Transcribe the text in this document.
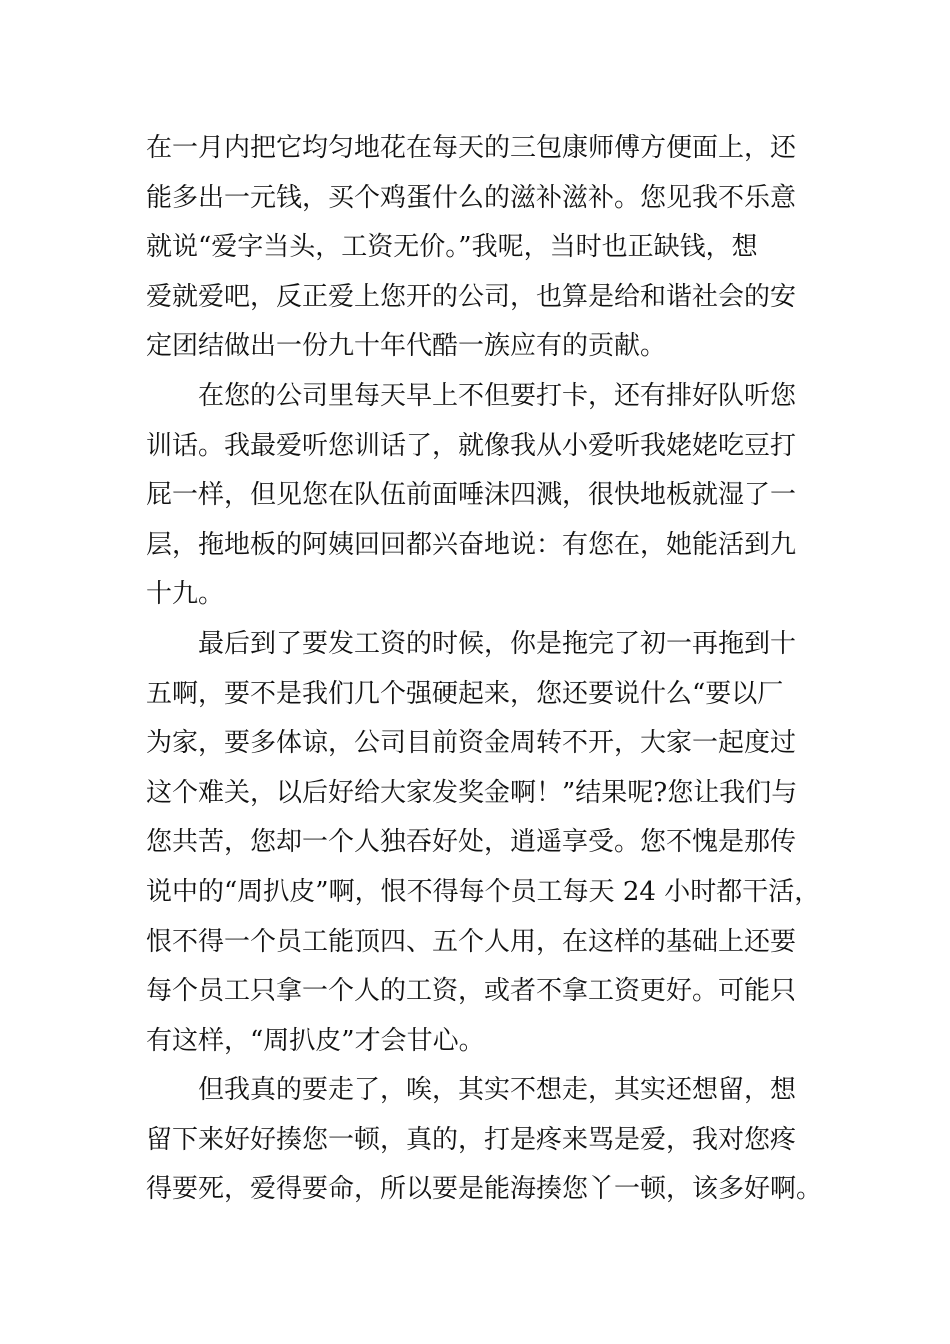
在一月内把它均匀地花在每天的三包康师傅方便面上，还
能多出一元钱，买个鸡蛋什么的滋补滋补。您见我不乐意
就说“爱字当头，工资无价。”我呢，当时也正缺钱，想
爱就爱吧，反正爱上您开的公司，也算是给和谐社会的安
定团结做出一份九十年代酷一族应有的贡献。
在您的公司里每天早上不但要打卡，还有排好队听您
训话。我最爱听您训话了，就像我从小爱听我姥姥吃豆打
屁一样，但见您在队伍前面唾沫四溅，很快地板就湿了一
层，拖地板的阿姨回回都兴奋地说：有您在，她能活到九
十九。
最后到了要发工资的时候，你是拖完了初一再拖到十
五啊，要不是我们几个强硬起来，您还要说什么“要以厂
为家，要多体谅，公司目前资金周转不开，大家一起度过
这个难关，以后好给大家发奖金啊！”结果呢?您让我们与
您共苦，您却一个人独吞好处，逍遥享受。您不愧是那传
说中的“周扒皮”啊，恨不得每个员工每天 24 小时都干活，
恨不得一个员工能顶四、五个人用，在这样的基础上还要
每个员工只拿一个人的工资，或者不拿工资更好。可能只
有这样，“周扒皮”才会甘心。
但我真的要走了，唉，其实不想走，其实还想留，想
留下来好好揍您一顿，真的，打是疼来骂是爱，我对您疼
得要死，爱得要命，所以要是能海揍您丫一顿，该多好啊。
